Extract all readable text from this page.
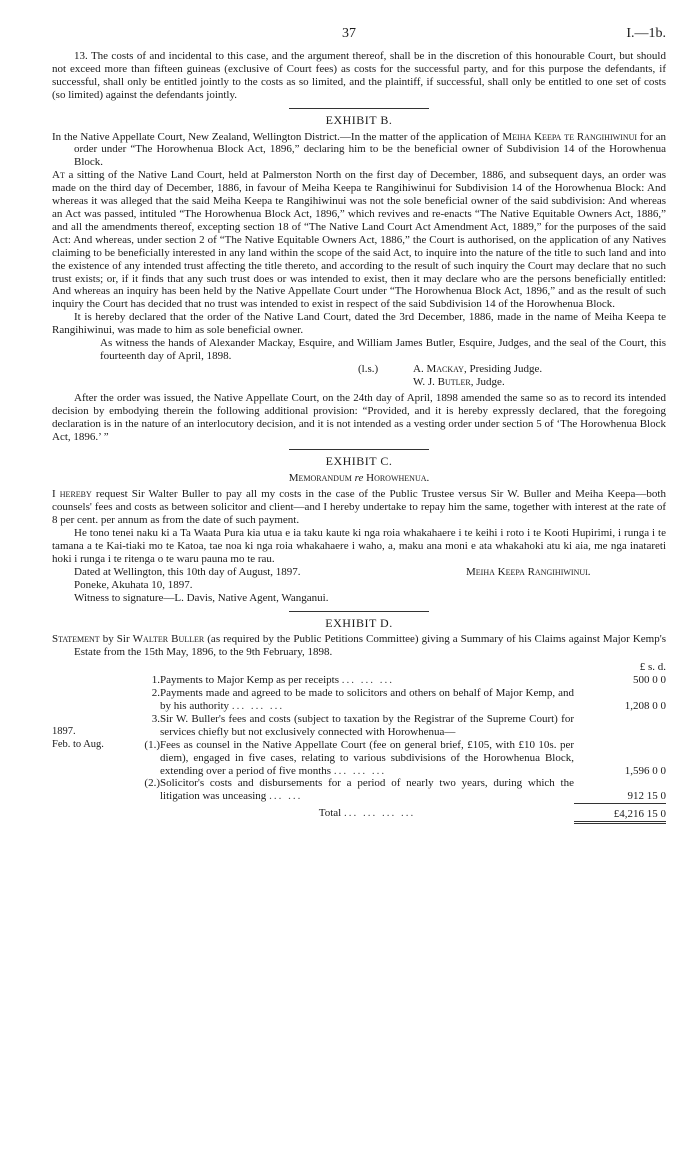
37	I.—1b.

13. The costs of and incidental to this case, and the argument thereof, shall be in the discretion of this honourable Court, but should not exceed more than fifteen guineas (exclusive of Court fees) as costs for the successful party, and for this purpose the defendants, if successful, shall only be entitled jointly to the costs as so limited, and the plaintiff, if successful, shall only be entitled to one set of costs (so limited) against the defendants jointly.

EXHIBIT B.

In the Native Appellate Court, New Zealand, Wellington District.—In the matter of the application of Meiha Keepa te Rangihiwinui for an order under “The Horowhenua Block Act, 1896,” declaring him to be the beneficial owner of Subdivision 14 of the Horowhenua Block.

At a sitting of the Native Land Court, held at Palmerston North on the first day of December, 1886, and subsequent days, an order was made on the third day of December, 1886, in favour of Meiha Keepa te Rangihiwinui for Subdivision 14 of the Horowhenua Block: And whereas it was alleged that the said Meiha Keepa te Rangihiwinui was not the sole beneficial owner of the said subdivision: And whereas an Act was passed, intituled “The Horowhenua Block Act, 1896,” which revives and re-enacts “The Native Equitable Owners Act, 1886,” and all the amendments thereof, excepting section 18 of “The Native Land Court Act Amendment Act, 1889,” for the purposes of the said Act: And whereas, under section 2 of “The Native Equitable Owners Act, 1886,” the Court is authorised, on the application of any Natives claiming to be beneficially interested in any land within the scope of the said Act, to inquire into the nature of the title to such land and into the existence of any intended trust affecting the title thereto, and according to the result of such inquiry the Court may declare that no such trust exists; or, if it finds that any such trust does or was intended to exist, then it may declare who are the persons beneficially entitled: And whereas an inquiry has been held by the Native Appellate Court under “The Horowhenua Block Act, 1896,” and as the result of such inquiry the Court has decided that no trust was intended to exist in respect of the said Subdivision 14 of the Horowhenua Block.

It is hereby declared that the order of the Native Land Court, dated the 3rd December, 1886, made in the name of Meiha Keepa te Rangihiwinui, was made to him as sole beneficial owner.

As witness the hands of Alexander Mackay, Esquire, and William James Butler, Esquire, Judges, and the seal of the Court, this fourteenth day of April, 1898.

(l.s.)	A. Mackay, Presiding Judge.
W. J. Butler, Judge.

After the order was issued, the Native Appellate Court, on the 24th day of April, 1898 amended the same so as to record its intended decision by embodying therein the following additional provision: “Provided, and it is hereby expressly declared, that the foregoing declaration is in the nature of an interlocutory decision, and it is not intended as a vesting order under section 5 of ‘The Horowhenua Block Act, 1896.’ ”

EXHIBIT C.
Memorandum re Horowhenua.

I hereby request Sir Walter Buller to pay all my costs in the case of the Public Trustee versus Sir W. Buller and Meiha Keepa—both counsels' fees and costs as between solicitor and client—and I hereby undertake to repay him the same, together with interest at the rate of 8 per cent. per annum as from the date of such payment.

He tono tenei naku ki a Ta Waata Pura kia utua e ia taku kaute ki nga roia whakahaere i te keihi i roto i te Kooti Hupirimi, i runga i te tamana a te Kai-tiaki mo te Katoa, tae noa ki nga roia whakahaere i waho, a, maku ana moni e ata whakahoki atu ki aia, me nga inatareti hoki i runga i te ritenga o te waru pauna mo te rau.

Dated at Wellington, this 10th day of August, 1897.	Meiha Keepa Rangihiwinui.

Poneke, Akuhata 10, 1897.

Witness to signature—L. Davis, Native Agent, Wanganui.

EXHIBIT D.

Statement by Sir Walter Buller (as required by the Public Petitions Committee) giving a Summary of his Claims against Major Kemp's Estate from the 15th May, 1896, to the 9th February, 1898.

			£ s. d.
	1.	Payments to Major Kemp as per receipts ... ... ...	500 0 0
	2.	Payments made and agreed to be made to solicitors and others on behalf of Major Kemp, and by his authority ... ... ...	1,208 0 0
1897.	3.	Sir W. Buller's fees and costs (subject to taxation by the Registrar of the Supreme Court) for services chiefly but not exclusively connected with Horowhenua—	
Feb. to Aug.	(1.)	Fees as counsel in the Native Appellate Court (fee on general brief, £105, with £10 10s. per diem), engaged in five cases, relating to various subdivisions of the Horowhenua Block, extending over a period of five months ... ... ...	1,596 0 0
	(2.)	Solicitor's costs and disbursements for a period of nearly two years, during which the litigation was unceasing ... ...	912 15 0
		Total ... ... ... ...	£4,216 15 0
